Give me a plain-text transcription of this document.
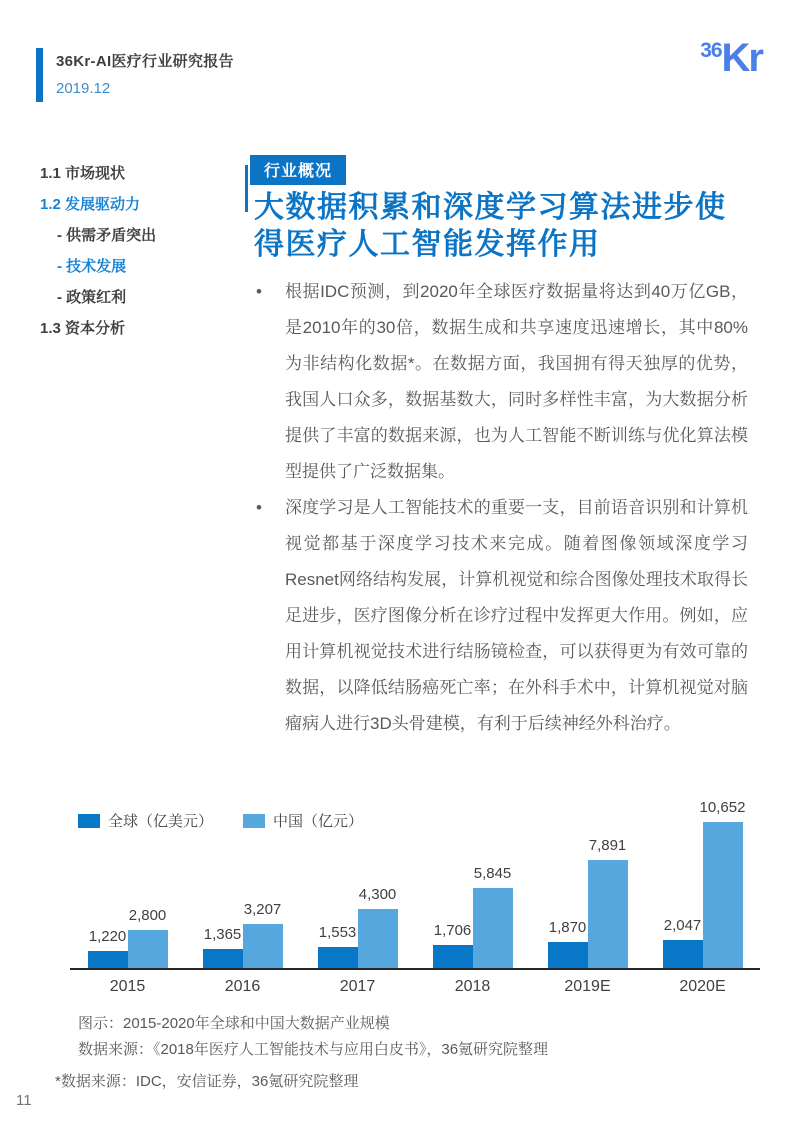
36Kr-AI医疗行业研究报告
2019.12
36 Kr
1.1 市场现状
1.2 发展驱动力
- 供需矛盾突出
- 技术发展
- 政策红利
1.3 资本分析
行业概况
大数据积累和深度学习算法进步使得医疗人工智能发挥作用
• 根据IDC预测，到2020年全球医疗数据量将达到40万亿GB，是2010年的30倍，数据生成和共享速度迅速增长，其中80%为非结构化数据*。在数据方面，我国拥有得天独厚的优势，我国人口众多，数据基数大，同时多样性丰富，为大数据分析提供了丰富的数据来源，也为人工智能不断训练与优化算法模型提供了广泛数据集。
• 深度学习是人工智能技术的重要一支，目前语音识别和计算机视觉都基于深度学习技术来完成。随着图像领域深度学习Resnet网络结构发展，计算机视觉和综合图像处理技术取得长足进步，医疗图像分析在诊疗过程中发挥更大作用。例如，应用计算机视觉技术进行结肠镜检查，可以获得更为有效可靠的数据，以降低结肠癌死亡率；在外科手术中，计算机视觉对脑瘤病人进行3D头骨建模，有利于后续神经外科治疗。
全球（亿美元）	中国（亿元）
1,220
2,800
1,365
3,207
1,553
4,300
1,706
5,845
1,870
7,891
2,047
10,652
2015	2016	2017	2018	2019E	2020E
图示：2015-2020年全球和中国大数据产业规模
数据来源：《2018年医疗人工智能技术与应用白皮书》，36氪研究院整理
*数据来源：IDC，安信证券，36氪研究院整理
11
